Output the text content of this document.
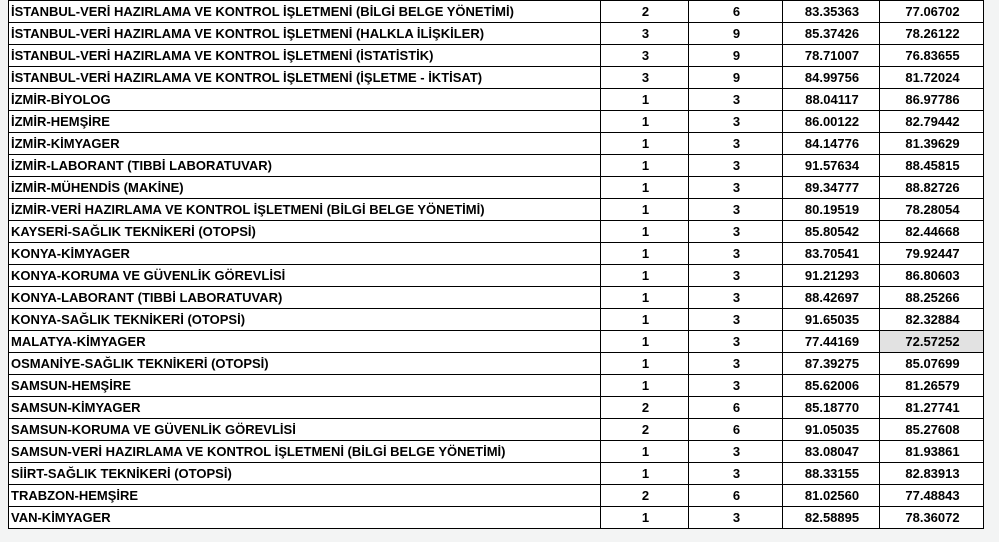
İSTANBUL-VERİ HAZIRLAMA VE KONTROL İŞLETMENİ (BİLGİ BELGE YÖNETİMİ)	2	6	83.35363	77.06702
İSTANBUL-VERİ HAZIRLAMA VE KONTROL İŞLETMENİ (HALKLA İLİŞKİLER)	3	9	85.37426	78.26122
İSTANBUL-VERİ HAZIRLAMA VE KONTROL İŞLETMENİ (İSTATİSTİK)	3	9	78.71007	76.83655
İSTANBUL-VERİ HAZIRLAMA VE KONTROL İŞLETMENİ (İŞLETME - İKTİSAT)	3	9	84.99756	81.72024
İZMİR-BİYOLOG	1	3	88.04117	86.97786
İZMİR-HEMŞİRE	1	3	86.00122	82.79442
İZMİR-KİMYAGER	1	3	84.14776	81.39629
İZMİR-LABORANT (TIBBİ LABORATUVAR)	1	3	91.57634	88.45815
İZMİR-MÜHENDİS (MAKİNE)	1	3	89.34777	88.82726
İZMİR-VERİ HAZIRLAMA VE KONTROL İŞLETMENİ (BİLGİ BELGE YÖNETİMİ)	1	3	80.19519	78.28054
KAYSERİ-SAĞLIK TEKNİKERİ (OTOPSİ)	1	3	85.80542	82.44668
KONYA-KİMYAGER	1	3	83.70541	79.92447
KONYA-KORUMA VE GÜVENLİK GÖREVLİSİ	1	3	91.21293	86.80603
KONYA-LABORANT (TIBBİ LABORATUVAR)	1	3	88.42697	88.25266
KONYA-SAĞLIK TEKNİKERİ (OTOPSİ)	1	3	91.65035	82.32884
MALATYA-KİMYAGER	1	3	77.44169	72.57252
OSMANİYE-SAĞLIK TEKNİKERİ (OTOPSİ)	1	3	87.39275	85.07699
SAMSUN-HEMŞİRE	1	3	85.62006	81.26579
SAMSUN-KİMYAGER	2	6	85.18770	81.27741
SAMSUN-KORUMA VE GÜVENLİK GÖREVLİSİ	2	6	91.05035	85.27608
SAMSUN-VERİ HAZIRLAMA VE KONTROL İŞLETMENİ (BİLGİ BELGE YÖNETİMİ)	1	3	83.08047	81.93861
SİİRT-SAĞLIK TEKNİKERİ (OTOPSİ)	1	3	88.33155	82.83913
TRABZON-HEMŞİRE	2	6	81.02560	77.48843
VAN-KİMYAGER	1	3	82.58895	78.36072
